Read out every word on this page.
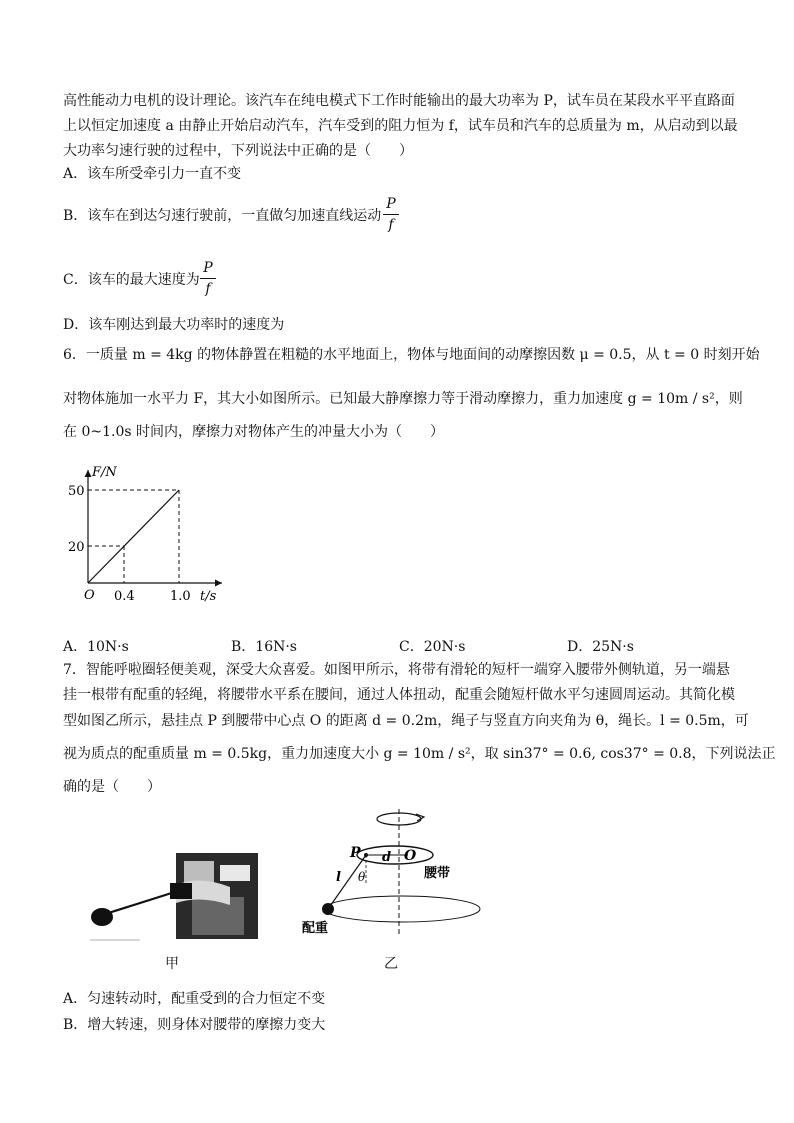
高性能动力电机的设计理论。该汽车在纯电模式下工作时能输出的最大功率为 P，试车员在某段水平平直路面
上以恒定加速度 a 由静止开始启动汽车，汽车受到的阻力恒为 f，试车员和汽车的总质量为 m，从启动到以最
大功率匀速行驶的过程中，下列说法中正确的是（　　）
A．该车所受牵引力一直不变
B．该车在到达匀速行驶前，一直做匀加速直线运动
P
f
C．该车的最大速度为
P
f
D．该车刚达到最大功率时的速度为
6．一质量 m = 4kg 的物体静置在粗糙的水平地面上，物体与地面间的动摩擦因数 μ = 0.5，从 t = 0 时刻开始
对物体施加一水平力 F，其大小如图所示。已知最大静摩擦力等于滑动摩擦力，重力加速度 g = 10m / s²，则
在 0~1.0s 时间内，摩擦力对物体产生的冲量大小为（　　）
F/N
t/s
O
50
20
0.4	1.0
A．10N·s	B．16N·s	C．20N·s	D．25N·s
7．智能呼啦圈轻便美观，深受大众喜爱。如图甲所示，将带有滑轮的短杆一端穿入腰带外侧轨道，另一端悬
挂一根带有配重的轻绳，将腰带水平系在腰间，通过人体扭动，配重会随短杆做水平匀速圆周运动。其简化模
型如图乙所示，悬挂点 P 到腰带中心点 O 的距离 d = 0.2m，绳子与竖直方向夹角为 θ，绳长。l = 0.5m，可
视为质点的配重质量 m = 0.5kg，重力加速度大小 g = 10m / s²，取 sin37° = 0.6, cos37° = 0.8，下列说法正
确的是（　　）
甲
P d O
l θ	腰带
配重
乙
A．匀速转动时，配重受到的合力恒定不变
B．增大转速，则身体对腰带的摩擦力变大
